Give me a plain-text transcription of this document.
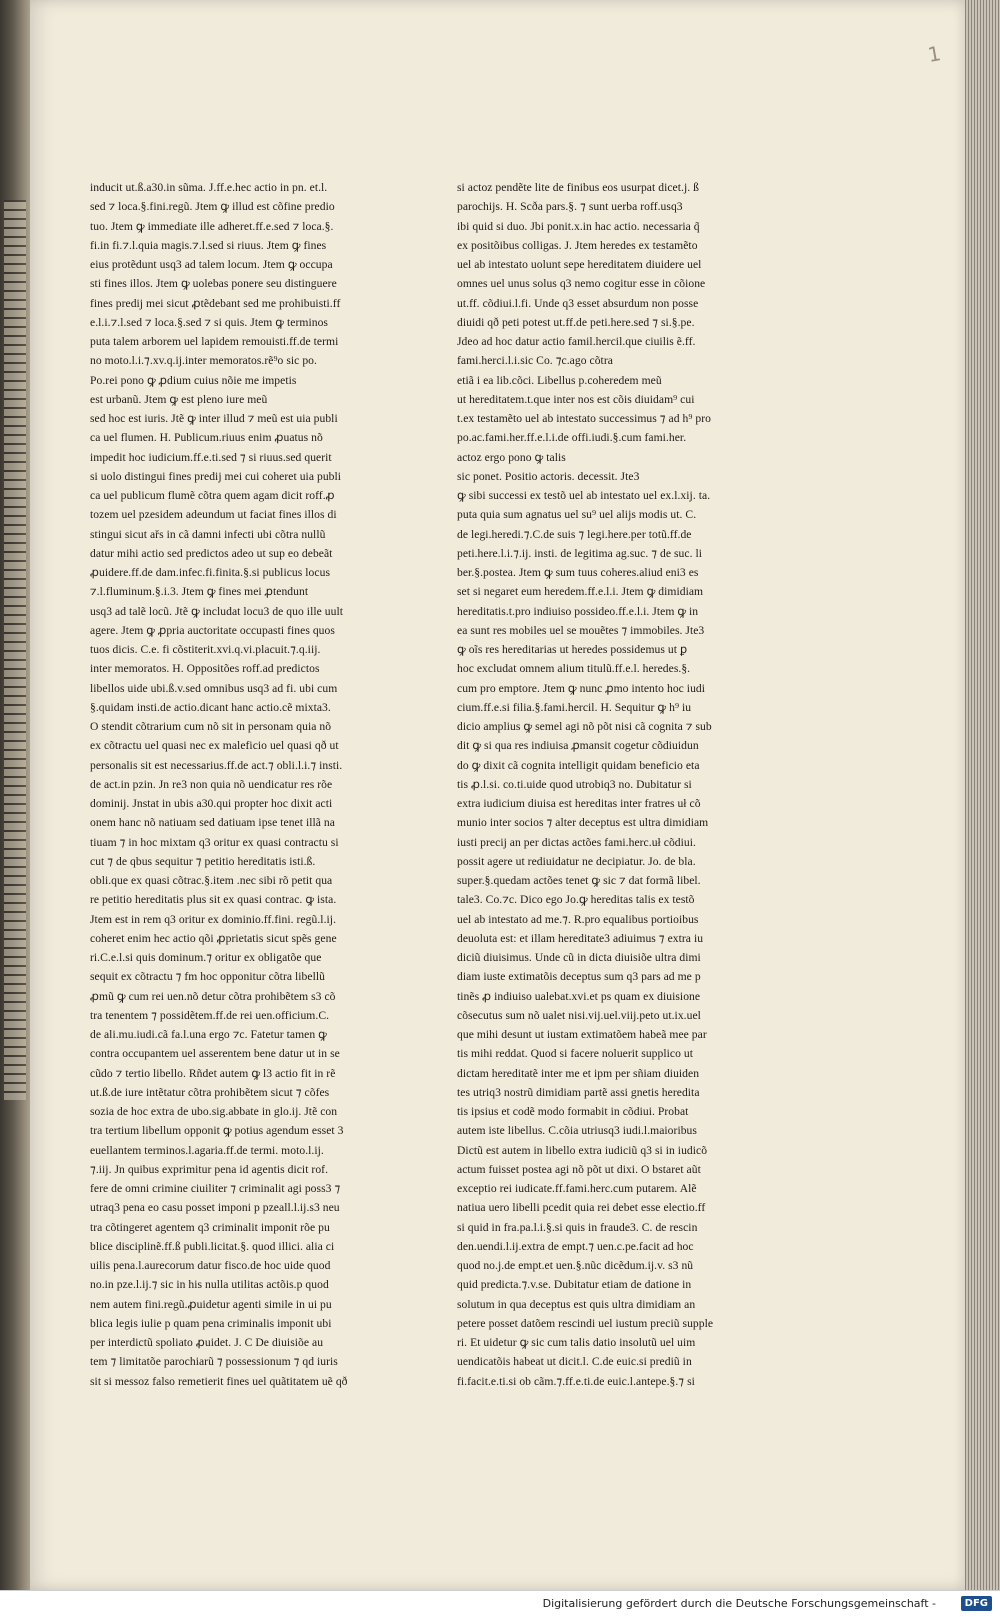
1
inducit ut.ß.a30.in sũma. J.ff.e.hec actio in pn. et.l.
sed ⁊ loca.§.fini.regũ. Jtem ꝙ illud est cõfine predio
tuo. Jtem ꝙ immediate ille adheret.ff.e.sed ⁊ loca.§.
fi.in fi.⁊.l.quia magis.⁊.l.sed si riuus. Jtem ꝙ fines
eius protẽdunt usq3 ad talem locum. Jtem ꝙ occupa
sti fines illos. Jtem ꝙ uolebas ponere seu distinguere
fines predij mei sicut ꝓtẽdebant sed me prohibuisti.ff
e.l.i.⁊.l.sed ⁊ loca.§.sed ⁊ si quis. Jtem ꝙ terminos
puta talem arborem uel lapidem remouisti.ff.de termi
no moto.l.i.⁊.xv.q.ij.inter memoratos.rẽ⁹o sic po.
Po.rei pono ꝙ ꝓdium cuius nõie me impetis
est urbanũ. Jtem ꝙ est pleno iure meũ
sed hoc est iuris. Jtẽ ꝙ inter illud ⁊ meũ est uia publi
ca uel flumen. H. Publicum.riuus enim ꝓuatus nõ
impedit hoc iudicium.ff.e.ti.sed ⁊ si riuus.sed querit
si uolo distingui fines predij mei cui coheret uia publi
ca uel publicum flumẽ cõtra quem agam dicit roff.ꝓ
tozem uel pzesidem adeundum ut faciat fines illos di
stingui sicut ařs in cã damni infecti ubi cõtra nullũ
datur mihi actio sed predictos adeo ut sup eo debeãt
ꝓuidere.ff.de dam.infec.fi.finita.§.si publicus locus
⁊.l.fluminum.§.i.3. Jtem ꝙ fines mei ꝓtendunt
usq3 ad talẽ locũ. Jtẽ ꝙ includat locu3 de quo ille uult
agere. Jtem ꝙ ꝓpria auctoritate occupasti fines quos
tuos dicis. C.e. fi cõstiterit.xvi.q.vi.placuit.⁊.q.iij.
inter memoratos. H. Oppositões roff.ad predictos
libellos uide ubi.ß.v.sed omnibus usq3 ad fi. ubi cum
§.quidam insti.de actio.dicant hanc actio.cẽ mixta3.
O stendit cõtrarium cum nõ sit in personam quia nõ
ex cõtractu uel quasi nec ex maleficio uel quasi qð ut
personalis sit est necessarius.ff.de act.⁊ obli.l.i.⁊ insti.
de act.in pzin. Jn re3 non quia nõ uendicatur res rõe
dominij. Jnstat in ubis a30.qui propter hoc dixit acti
onem hanc nõ natiuam sed datiuam ipse tenet illã na
tiuam ⁊ in hoc mixtam q3 oritur ex quasi contractu si
cut ⁊ de qbus sequitur ⁊ petitio hereditatis isti.ß.
obli.que ex quasi cõtrac.§.item .nec sibi rõ petit qua
re petitio hereditatis plus sit ex quasi contrac. ꝙ ista.
Jtem est in rem q3 oritur ex dominio.ff.fini. regũ.l.ij.
coheret enim hec actio qõi ꝓprietatis sicut spẽs gene
ri.C.e.l.si quis dominum.⁊ oritur ex obligatõe que
sequit ex cõtractu ⁊ fm hoc opponitur cõtra libellũ
ꝓmũ ꝙ cum rei uen.nõ detur cõtra prohibẽtem s3 cõ
tra tenentem ⁊ possidẽtem.ff.de rei uen.officium.C.
de ali.mu.iudi.cã fa.l.una ergo ⁊c. Fatetur tamen ꝙ
contra occupantem uel asserentem bene datur ut in se
cũdo ⁊ tertio libello. Rñdet autem ꝙ l3 actio fit in rẽ
ut.ß.de iure intẽtatur cõtra prohibẽtem sicut ⁊ cõfes
sozia de hoc extra de ubo.sig.abbate in glo.ij. Jtẽ con
tra tertium libellum opponit ꝙ potius agendum esset 3
euellantem terminos.l.agaria.ff.de termi. moto.l.ij.
⁊.iij. Jn quibus exprimitur pena id agentis dicit rof.
fere de omni crimine ciuiliter ⁊ criminalit agi poss3 ⁊
utraq3 pena eo casu posset imponi p pzeall.l.ij.s3 neu
tra cõtingeret agentem q3 criminalit imponit rõe pu
blice disciplinẽ.ff.ß publi.licitat.§. quod illici. alia ci
uilis pena.l.aurecorum datur fisco.de hoc uide quod
no.in pze.l.ij.⁊ sic in his nulla utilitas actõis.p quod
nem autem fini.regũ.ꝓuidetur agenti simile in ui pu
blica legis iulie p quam pena criminalis imponit ubi
per interdictũ spoliato ꝓuidet. J. C De diuisiõe au
tem ⁊ limitatõe parochiarũ ⁊ possessionum ⁊ qd iuris
sit si messoz falso remetierit fines uel quãtitatem uẽ qð
si actoz pendẽte lite de finibus eos usurpat dicet.j. ß
parochijs. H. Scða pars.§. ⁊ sunt uerba roff.usq3
ibi quid si duo. Jbi ponit.x.in hac actio. necessaria q̃
ex positõibus colligas. J. Jtem heredes ex testamẽto
uel ab intestato uolunt sepe hereditatem diuidere uel
omnes uel unus solus q3 nemo cogitur esse in cõione
ut.ff. cõdiui.l.fi. Unde q3 esset absurdum non posse
diuidi qð peti potest ut.ff.de peti.here.sed ⁊ si.§.pe.
Jdeo ad hoc datur actio famil.hercil.que ciuilis ẽ.ff.
fami.herci.l.i.sic Co. ⁊c.ago cõtra
etiã i ea lib.cõci. Libellus p.coheredem meũ
ut hereditatem.t.que inter nos est cõis diuidam⁹ cui
t.ex testamẽto uel ab intestato successimus ⁊ ad h⁹ pro
po.ac.fami.her.ff.e.l.i.de offi.iudi.§.cum fami.her.
actoz ergo pono ꝙ talis
sic ponet. Positio actoris. decessit. Jte3
ꝙ sibi successi ex testõ uel ab intestato uel ex.l.xij. ta.
puta quia sum agnatus uel su⁹ uel alijs modis ut. C.
de legi.heredi.⁊.C.de suis ⁊ legi.here.per totũ.ff.de
peti.here.l.i.⁊.ij. insti. de legitima ag.suc. ⁊ de suc. li
ber.§.postea. Jtem ꝙ sum tuus coheres.aliud eni3 es
set si negaret eum heredem.ff.e.l.i. Jtem ꝙ dimidiam
hereditatis.t.pro indiuiso possideo.ff.e.l.i. Jtem ꝙ in
ea sunt res mobiles uel se mouẽtes ⁊ immobiles. Jte3
ꝙ oĩs res hereditarias ut heredes possidemus ut ꝑ
hoc excludat omnem alium titulũ.ff.e.l. heredes.§.
cum pro emptore. Jtem ꝙ nunc ꝓmo intento hoc iudi
cium.ff.e.si filia.§.fami.hercil. H. Sequitur ꝙ h⁹ iu
dicio amplius ꝙ semel agi nõ põt nisi cã cognita ⁊ sub
dit ꝙ si qua res indiuisa ꝓmansit cogetur cõdiuidun
do ꝙ dixit cã cognita intelligit quidam beneficio eta
tis ꝓ.l.si. co.ti.uide quod utrobiq3 no. Dubitatur si
extra iudicium diuisa est hereditas inter fratres uł cõ
munio inter socios ⁊ alter deceptus est ultra dimidiam
iusti precij an per dictas actões fami.herc.uł cõdiui.
possit agere ut rediuidatur ne decipiatur. Jo. de bla.
super.§.quedam actões tenet ꝙ sic ⁊ dat formã libel.
tale3. Co.⁊c. Dico ego Jo.ꝙ hereditas talis ex testõ
uel ab intestato ad me.⁊. R.pro equalibus portioibus
deuoluta est: et illam hereditate3 adiuimus ⁊ extra iu
diciũ diuisimus. Unde cũ in dicta diuisiõe ultra dimi
diam iuste extimatõis deceptus sum q3 pars ad me p
tinẽs ꝓ indiuiso ualebat.xvi.et ps quam ex diuisione
cõsecutus sum nõ ualet nisi.vij.uel.viij.peto ut.ix.uel
que mihi desunt ut iustam extimatõem habeã mee par
tis mihi reddat. Quod si facere noluerit supplico ut
dictam hereditatẽ inter me et ipm per sñiam diuiden
tes utriq3 nostrũ dimidiam partẽ assi gnetis heredita
tis ipsius et codẽ modo formabit in cõdiui. Probat
autem iste libellus. C.cõia utriusq3 iudi.l.maioribus
Dictũ est autem in libello extra iudiciũ q3 si in iudicõ
actum fuisset postea agi nõ põt ut dixi. O bstaret aũt
exceptio rei iudicate.ff.fami.herc.cum putarem. Alẽ
natiua uero libelli pcedit quia rei debet esse electio.ff
si quid in fra.pa.l.i.§.si quis in fraude3. C. de rescin
den.uendi.l.ij.extra de empt.⁊ uen.c.pe.facit ad hoc
quod no.j.de empt.et uen.§.nũc dicẽdum.ij.v. s3 nũ
quid predicta.⁊.v.se. Dubitatur etiam de datione in
solutum in qua deceptus est quis ultra dimidiam an
petere posset datõem rescindi uel iustum preciũ supple
ri. Et uidetur ꝙ sic cum talis datio insolutũ uel uim
uendicatõis habeat ut dicit.l. C.de euic.si prediũ in
fi.facit.e.ti.si ob cãm.⁊.ff.e.ti.de euic.l.antepe.§.⁊ si
Digitalisierung gefördert durch die Deutsche Forschungsgemeinschaft -	DFG
